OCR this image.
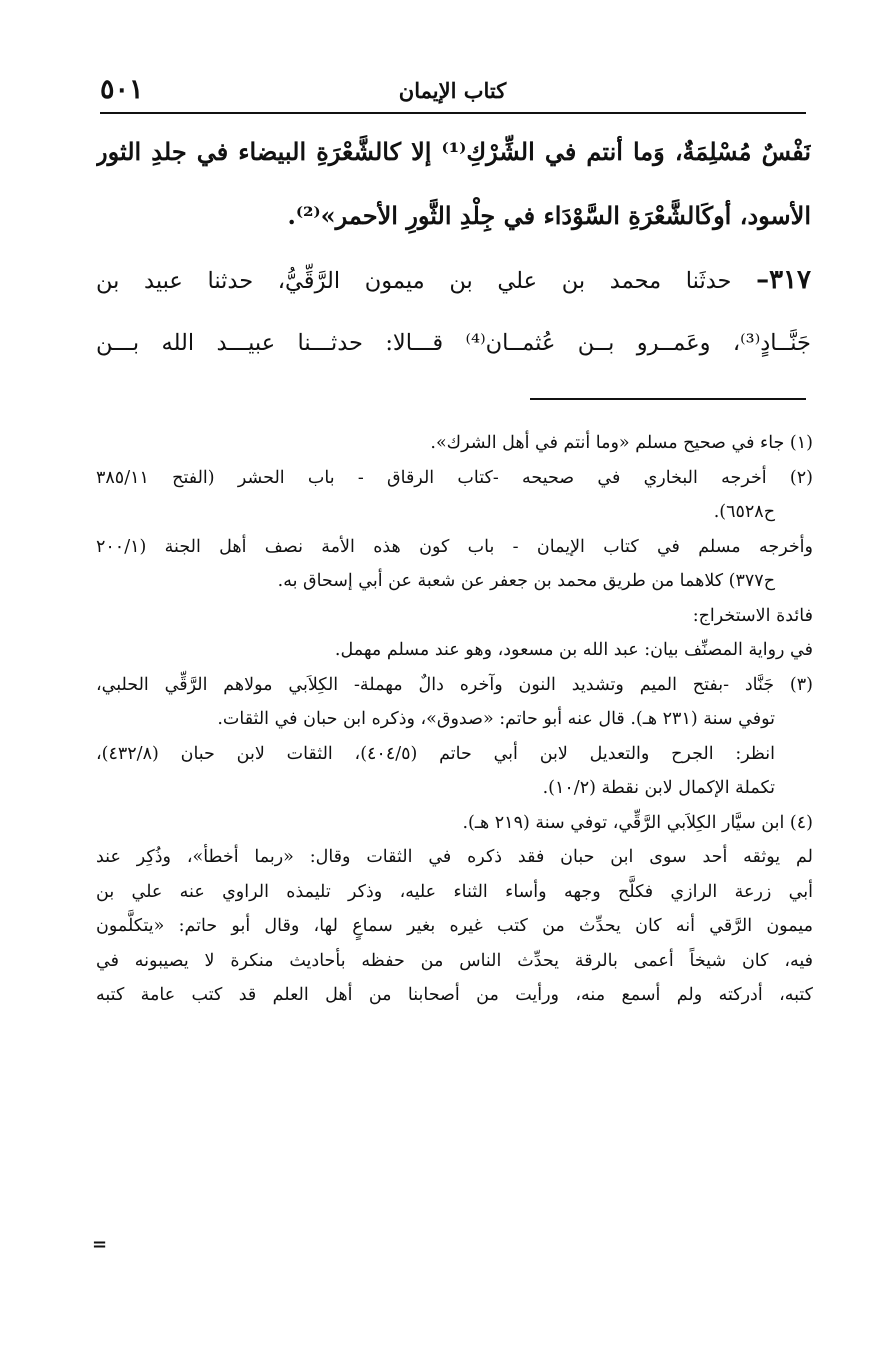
٥٠١	كتاب الإيمان
نَفْسٌ مُسْلِمَةٌ، وَما أنتم في الشِّرْكِ⁽¹⁾ إلا كالشَّعْرَةِ البيضاء في جلدِ الثور
الأسود، أوكَالشَّعْرَةِ السَّوْدَاء في جِلْدِ الثَّورِ الأحمر»⁽²⁾.
٣١٧– حدثَنا محمد بن علي بن ميمون الرَّقِّيُّ، حدثنا عبيد بن
جَنَّــادٍ⁽³⁾، وعَمــرو بــن عُثمــان⁽⁴⁾ قـــالا: حدثـــنا عبيـــد الله بـــن
(١) جاء في صحيح مسلم «وما أنتم في أهل الشرك».
(٢) أخرجه البخاري في صحيحه -كتاب الرقاق - باب الحشر (الفتح ٣٨٥/١١
ح٦٥٢٨).
وأخرجه مسلم في كتاب الإيمان - باب كون هذه الأمة نصف أهل الجنة (٢٠٠/١
ح٣٧٧) كلاهما من طريق محمد بن جعفر عن شعبة عن أبي إسحاق به.
فائدة الاستخراج:
في رواية المصنِّف بيان: عبد الله بن مسعود، وهو عند مسلم مهمل.
(٣) جَنَّاد -بفتح الميم وتشديد النون وآخره دالٌ مهملة- الكِلاَبي مولاهم الرَّقِّي الحلبي،
توفي سنة (٢٣١ هـ). قال عنه أبو حاتم: «صدوق»، وذكره ابن حبان في الثقات.
انظر: الجرح والتعديل لابن أبي حاتم (٤٠٤/٥)، الثقات لابن حبان (٤٣٢/٨)،
تكملة الإكمال لابن نقطة (١٠/٢).
(٤) ابن سيَّار الكِلاَبي الرَّقِّي، توفي سنة (٢١٩ هـ).
لم يوثقه أحد سوى ابن حبان فقد ذكره في الثقات وقال: «ربما أخطأ»، وذُكِر عند
أبي زرعة الرازي فكلَّح وجهه وأساء الثناء عليه، وذكر تليمذه الراوي عنه علي بن
ميمون الرَّقي أنه كان يحدِّث من كتب غيره بغير سماعٍ لها، وقال أبو حاتم: «يتكلَّمون
فيه، كان شيخاً أعمى بالرقة يحدِّث الناس من حفظه بأحاديث منكرة لا يصيبونه في
كتبه، أدركته ولم أسمع منه، ورأيت من أصحابنا من أهل العلم قد كتب عامة كتبه
=
